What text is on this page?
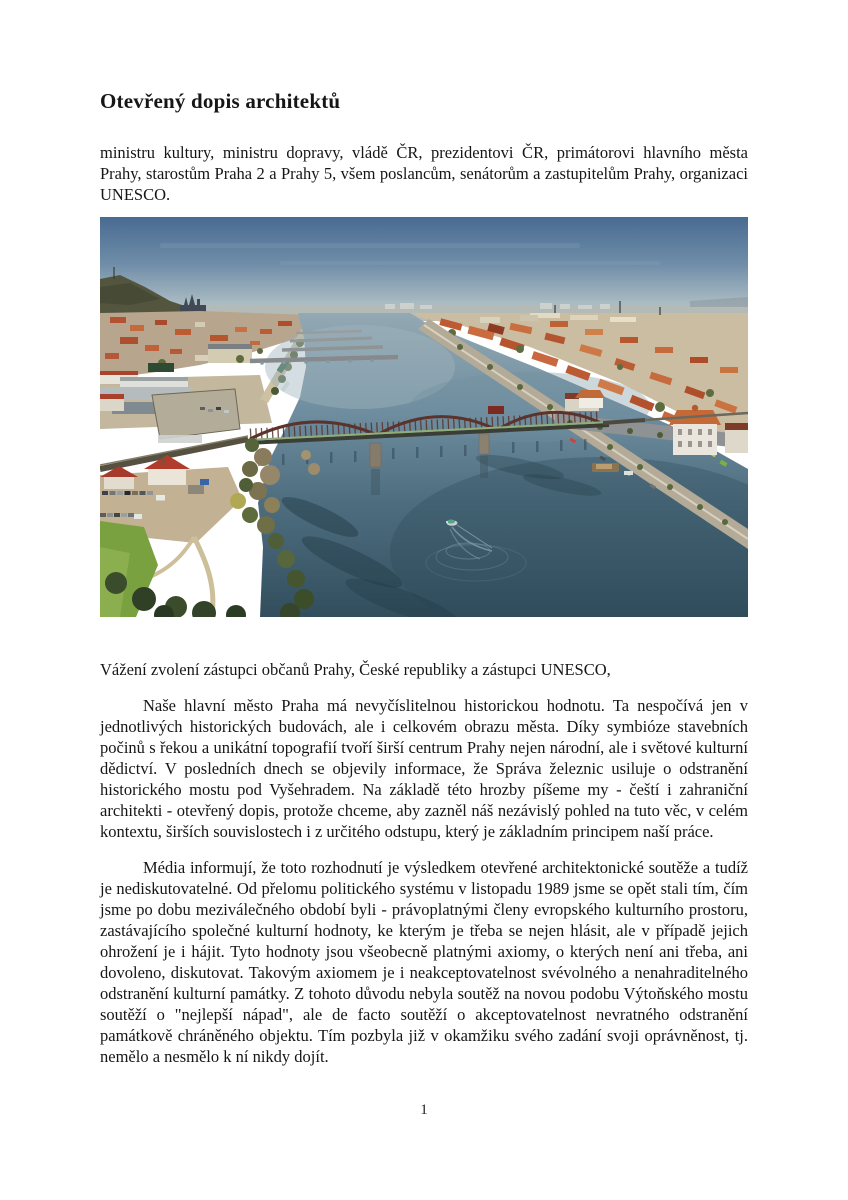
Otevřený dopis architektů

ministru kultury, ministru dopravy, vládě ČR, prezidentovi ČR, primátorovi hlavního města Prahy, starostům Praha 2 a Prahy 5, všem poslancům, senátorům a zastupitelům Prahy, organizaci UNESCO.

Vážení zvolení zástupci občanů Prahy, České republiky a zástupci UNESCO,

Naše hlavní město Praha má nevyčíslitelnou historickou hodnotu. Ta nespočívá jen v jednotlivých historických budovách, ale i celkovém obrazu města. Díky symbióze stavebních počinů s řekou a unikátní topografií tvoří širší centrum Prahy nejen národní, ale i světové kulturní dědictví. V posledních dnech se objevily informace, že Správa železnic usiluje o odstranění historického mostu pod Vyšehradem. Na základě této hrozby píšeme my - čeští i zahraniční architekti - otevřený dopis, protože chceme, aby zazněl náš nezávislý pohled na tuto věc, v celém kontextu, širších souvislostech i z určitého odstupu, který je základním principem naší práce.

Média informují, že toto rozhodnutí je výsledkem otevřené architektonické soutěže a tudíž je nediskutovatelné. Od přelomu politického systému v listopadu 1989 jsme se opět stali tím, čím jsme po dobu meziválečného období byli - právoplatnými členy evropského kulturního prostoru, zastávajícího společné kulturní hodnoty, ke kterým je třeba se nejen hlásit, ale v případě jejich ohrožení je i hájit. Tyto hodnoty jsou všeobecně platnými axiomy, o kterých není ani třeba, ani dovoleno, diskutovat. Takovým axiomem je i neakceptovatelnost svévolného a nenahraditelného odstranění kulturní památky. Z tohoto důvodu nebyla soutěž na novou podobu Výtoňského mostu soutěží o "nejlepší nápad", ale de facto soutěží o akceptovatelnost nevratného odstranění památkově chráněného objektu. Tím pozbyla již v okamžiku svého zadání svoji oprávněnost, tj. nemělo a nesmělo k ní nikdy dojít.

1
